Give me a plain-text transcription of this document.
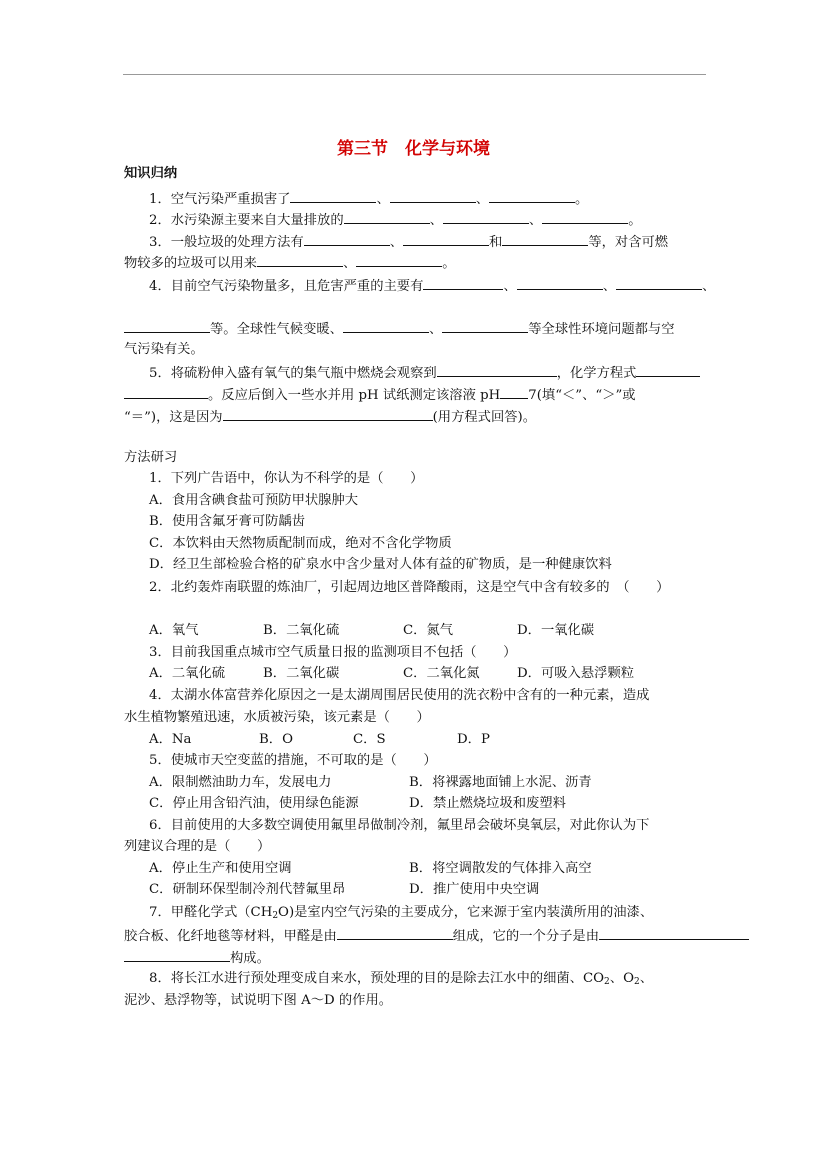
第三节　化学与环境
知识归纳
1．空气污染严重损害了	、	、	。
2．水污染源主要来自大量排放的	、	、	。
3．一般垃圾的处理方法有	、	和	等，对含可燃
物较多的垃圾可以用来	、	。
4．目前空气污染物量多，且危害严重的主要有	、	、	、
等。全球性气候变暖、	、	等全球性环境问题都与空
气污染有关。
5．将硫粉伸入盛有氧气的集气瓶中燃烧会观察到	，化学方程式
。反应后倒入一些水并用 pH 试纸测定该溶液 pH 7(填“＜”、“＞”或
“＝”)，这是因为	(用方程式回答)。
方法研习
1．下列广告语中，你认为不科学的是（　　）
A．食用含碘食盐可预防甲状腺肿大
B．使用含氟牙膏可防龋齿
C．本饮料由天然物质配制而成，绝对不含化学物质
D．经卫生部检验合格的矿泉水中含少量对人体有益的矿物质，是一种健康饮料
2．北约轰炸南联盟的炼油厂，引起周边地区普降酸雨，这是空气中含有较多的　（　　）
A．氧气	B．二氧化硫	C．氮气	D．一氧化碳
3．目前我国重点城市空气质量日报的监测项目不包括（　　）
A．二氧化硫	B．二氧化碳	C．二氧化氮	D．可吸入悬浮颗粒
4．太湖水体富营养化原因之一是太湖周围居民使用的洗衣粉中含有的一种元素，造成
水生植物繁殖迅速，水质被污染，该元素是（　　）
A．Na	B．O	C．S	D．P
5．使城市天空变蓝的措施，不可取的是（　　）
A．限制燃油助力车，发展电力	B．将裸露地面铺上水泥、沥青
C．停止用含铅汽油，使用绿色能源	D．禁止燃烧垃圾和废塑料
6．目前使用的大多数空调使用氟里昂做制冷剂，氟里昂会破坏臭氧层，对此你认为下
列建议合理的是（　　）
A．停止生产和使用空调	B．将空调散发的气体排入高空
C．研制环保型制冷剂代替氟里昂	D．推广使用中央空调
7．甲醛化学式$(CH_2O)$是室内空气污染的主要成分，它来源于室内装潢所用的油漆、
胶合板、化纤地毯等材料，甲醛是由	组成，它的一个分子是由
构成。
8．将长江水进行预处理变成自来水，预处理的目的是除去江水中的细菌、$CO_2$、$O_2$、
泥沙、悬浮物等，试说明下图 A～D 的作用。
